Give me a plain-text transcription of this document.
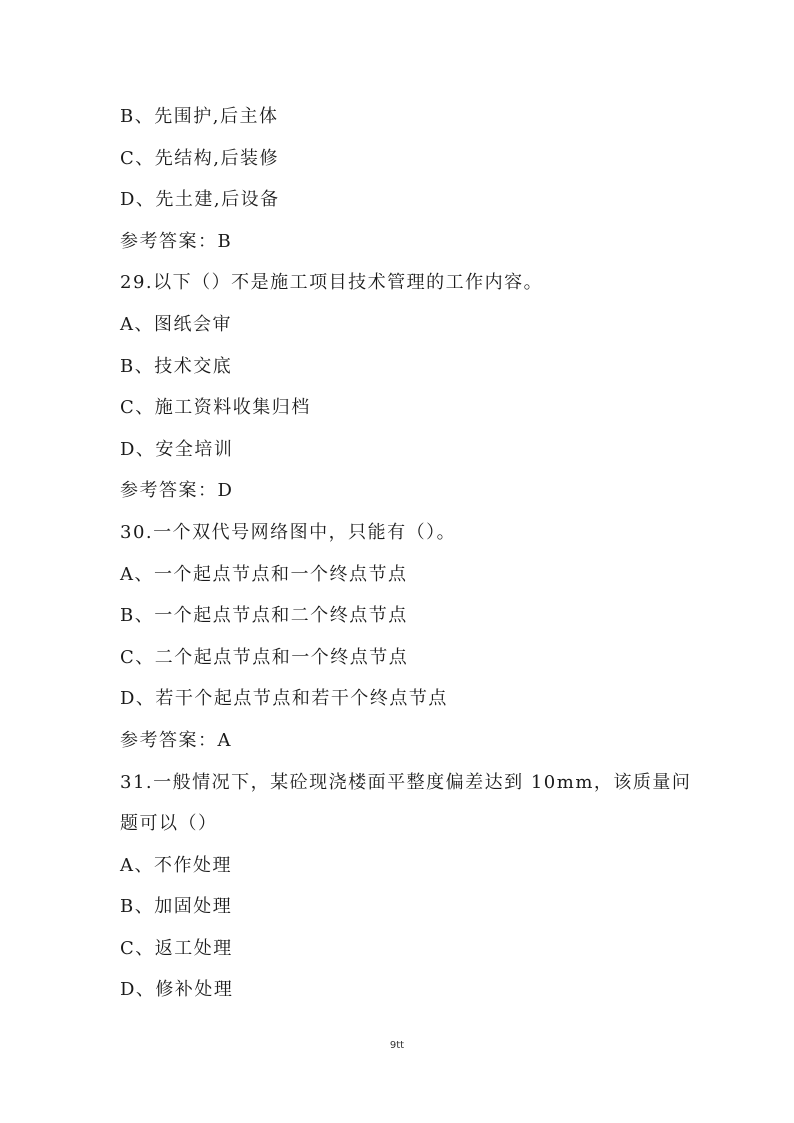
B、先围护,后主体
C、先结构,后装修
D、先土建,后设备
参考答案：B
29.以下（）不是施工项目技术管理的工作内容。
A、图纸会审
B、技术交底
C、施工资料收集归档
D、安全培训
参考答案：D
30.一个双代号网络图中，只能有（）。
A、一个起点节点和一个终点节点
B、一个起点节点和二个终点节点
C、二个起点节点和一个终点节点
D、若干个起点节点和若干个终点节点
参考答案：A
31.一般情况下，某砼现浇楼面平整度偏差达到 10mm，该质量问
题可以（）
A、不作处理
B、加固处理
C、返工处理
D、修补处理
9tt
